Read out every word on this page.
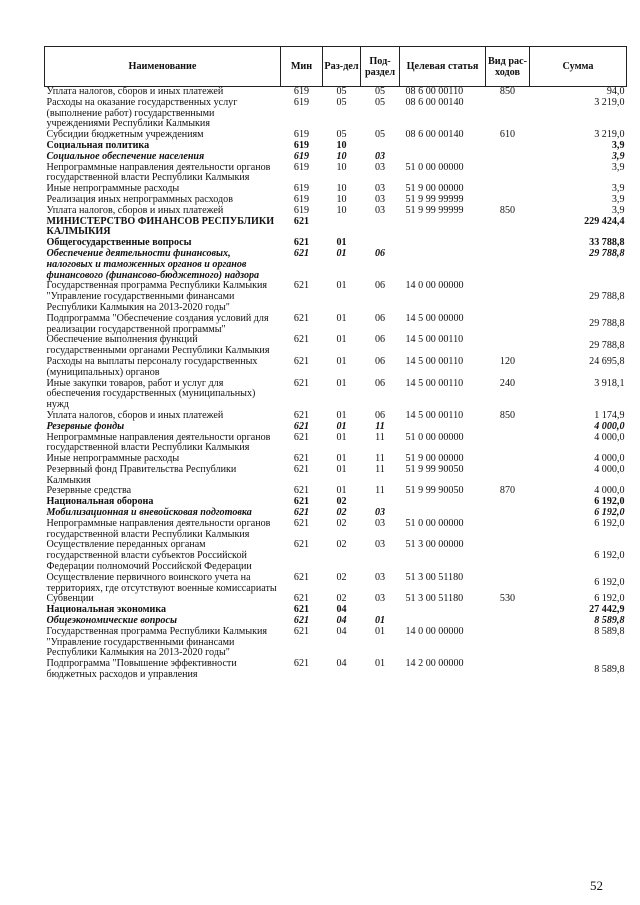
Наименование	Мин	Раз-дел	Под-раздел	Целевая статья	Вид рас-ходов	Сумма
Уплата налогов, сборов и иных платежей	619	05	05	08 6 00 00110	850	94,0
Расходы на оказание государственных услуг (выполнение работ) государственными учреждениями Республики Калмыкия	619	05	05	08 6 00 00140		3 219,0
Субсидии бюджетным учреждениям	619	05	05	08 6 00 00140	610	3 219,0
Социальная политика	619	10				3,9
Социальное обеспечение населения	619	10	03			3,9
Непрограммные направления деятельности органов государственной власти Республики Калмыкия	619	10	03	51 0 00 00000		3,9
Иные непрограммные расходы	619	10	03	51 9 00 00000		3,9
Реализация иных непрограммных расходов	619	10	03	51 9 99 99999		3,9
Уплата налогов, сборов и иных платежей	619	10	03	51 9 99 99999	850	3,9
МИНИСТЕРСТВО ФИНАНСОВ РЕСПУБЛИКИ КАЛМЫКИЯ	621					229 424,4
Общегосударственные вопросы	621	01				33 788,8
Обеспечение деятельности финансовых, налоговых и таможенных органов и органов финансового (финансово-бюджетного) надзора	621	01	06			29 788,8
Государственная программа Республики Калмыкия "Управление государственными финансами Республики Калмыкия на 2013-2020 годы"	621	01	06	14 0 00 00000		29 788,8
Подпрограмма "Обеспечение создания условий для реализации государственной программы"	621	01	06	14 5 00 00000		29 788,8
Обеспечение выполнения функций государственными органами Республики Калмыкия	621	01	06	14 5 00 00110		29 788,8
Расходы на выплаты персоналу государственных (муниципальных) органов	621	01	06	14 5 00 00110	120	24 695,8
Иные закупки товаров, работ и услуг для обеспечения государственных (муниципальных) нужд	621	01	06	14 5 00 00110	240	3 918,1
Уплата налогов, сборов и иных платежей	621	01	06	14 5 00 00110	850	1 174,9
Резервные фонды	621	01	11			4 000,0
Непрограммные направления деятельности органов государственной власти Республики Калмыкия	621	01	11	51 0 00 00000		4 000,0
Иные непрограммные расходы	621	01	11	51 9 00 00000		4 000,0
Резервный фонд Правительства Республики Калмыкия	621	01	11	51 9 99 90050		4 000,0
Резервные средства	621	01	11	51 9 99 90050	870	4 000,0
Национальная оборона	621	02				6 192,0
Мобилизационная и вневойсковая подготовка	621	02	03			6 192,0
Непрограммные направления деятельности органов государственной власти Республики Калмыкия	621	02	03	51 0 00 00000		6 192,0
Осуществление переданных органам государственной власти субъектов Российской Федерации полномочий Российской Федерации	621	02	03	51 3 00 00000		6 192,0
Осуществление первичного воинского учета на территориях, где отсутствуют военные комиссариаты	621	02	03	51 3 00 51180		6 192,0
Субвенции	621	02	03	51 3 00 51180	530	6 192,0
Национальная экономика	621	04				27 442,9
Общеэкономические вопросы	621	04	01			8 589,8
Государственная программа Республики Калмыкия "Управление государственными финансами Республики Калмыкия на 2013-2020 годы"	621	04	01	14 0 00 00000		8 589,8
Подпрограмма "Повышение эффективности бюджетных расходов и управления	621	04	01	14 2 00 00000		8 589,8
52
